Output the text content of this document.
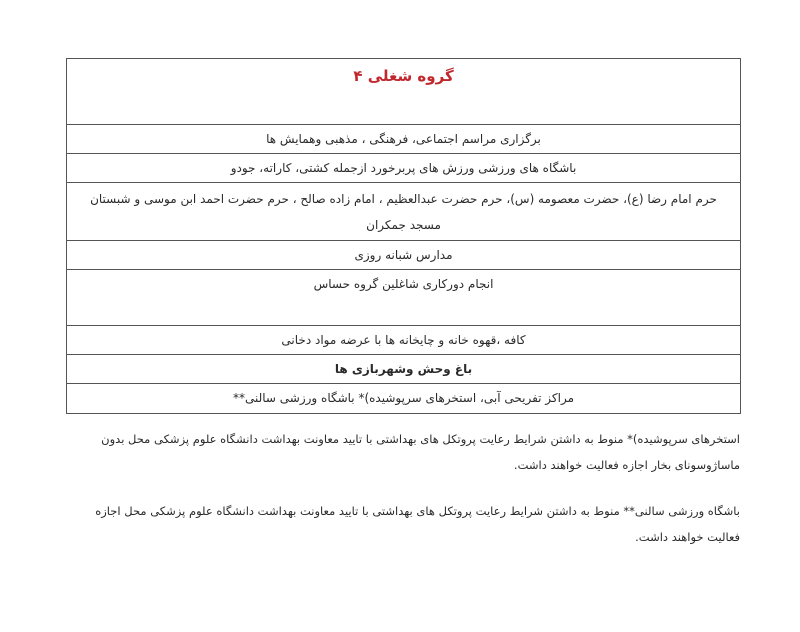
گروه شغلی ۴
برگزاری مراسم اجتماعی، فرهنگی ، مذهبی وهمایش ها
باشگاه های ورزشی ورزش های پربرخورد ازجمله کشتی، کاراته، جودو
حرم امام رضا (ع)، حضرت معصومه (س)، حرم حضرت عبدالعظیم ، امام زاده صالح ، حرم حضرت احمد ابن موسی و شبستان مسجد جمکران
مدارس شبانه روزی
انجام دورکاری شاغلین گروه حساس
کافه ،قهوه خانه و چایخانه ها با عرضه مواد دخانی
باغ وحش وشهربازی ها
مراکز تفریحی آبی، استخرهای سرپوشیده)* باشگاه ورزشی سالنی**

استخرهای سرپوشیده)* منوط به داشتن شرایط رعایت پروتکل های بهداشتی با تایید معاونت بهداشت دانشگاه علوم پزشکی محل بدون ماساژوسونای بخار اجازه فعالیت خواهند داشت.

باشگاه ورزشی سالنی** منوط به داشتن شرایط رعایت پروتکل های بهداشتی با تایید معاونت بهداشت دانشگاه علوم پزشکی محل اجازه فعالیت خواهند داشت.
